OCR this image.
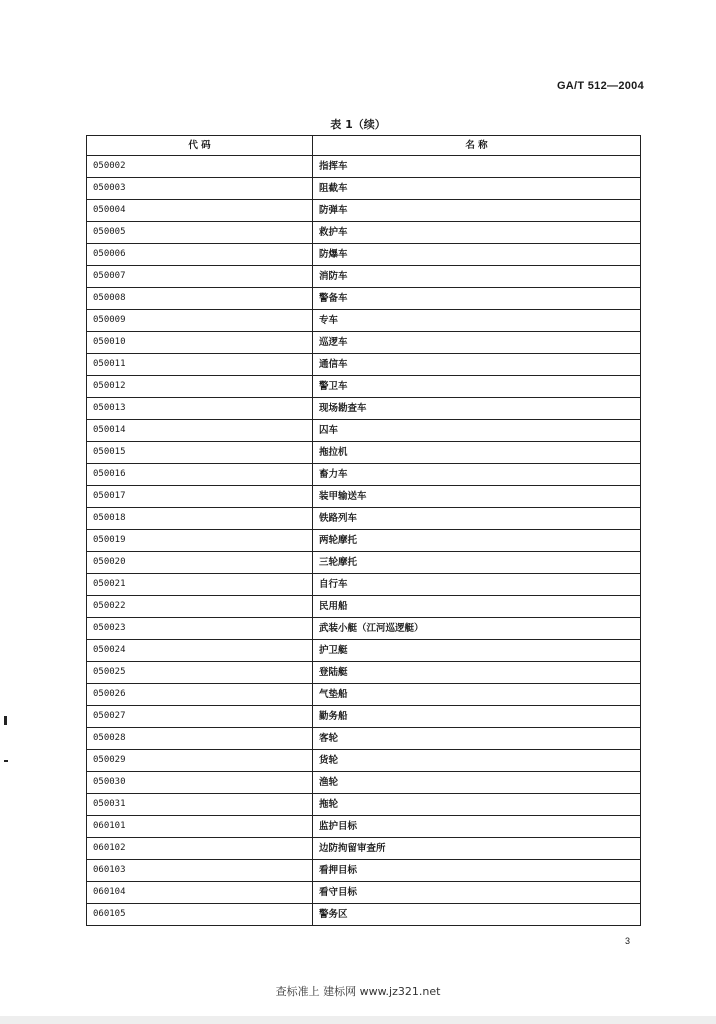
GA/T 512—2004
表 1（续）
代 码	名 称
050002	指挥车
050003	阻截车
050004	防弹车
050005	救护车
050006	防爆车
050007	消防车
050008	警备车
050009	专车
050010	巡逻车
050011	通信车
050012	警卫车
050013	现场勘查车
050014	囚车
050015	拖拉机
050016	畜力车
050017	装甲输送车
050018	铁路列车
050019	两轮摩托
050020	三轮摩托
050021	自行车
050022	民用船
050023	武装小艇（江河巡逻艇）
050024	护卫艇
050025	登陆艇
050026	气垫船
050027	勤务船
050028	客轮
050029	货轮
050030	渔轮
050031	拖轮
060101	监护目标
060102	边防拘留审查所
060103	看押目标
060104	看守目标
060105	警务区
3
查标准上 建标网 www.jz321.net
